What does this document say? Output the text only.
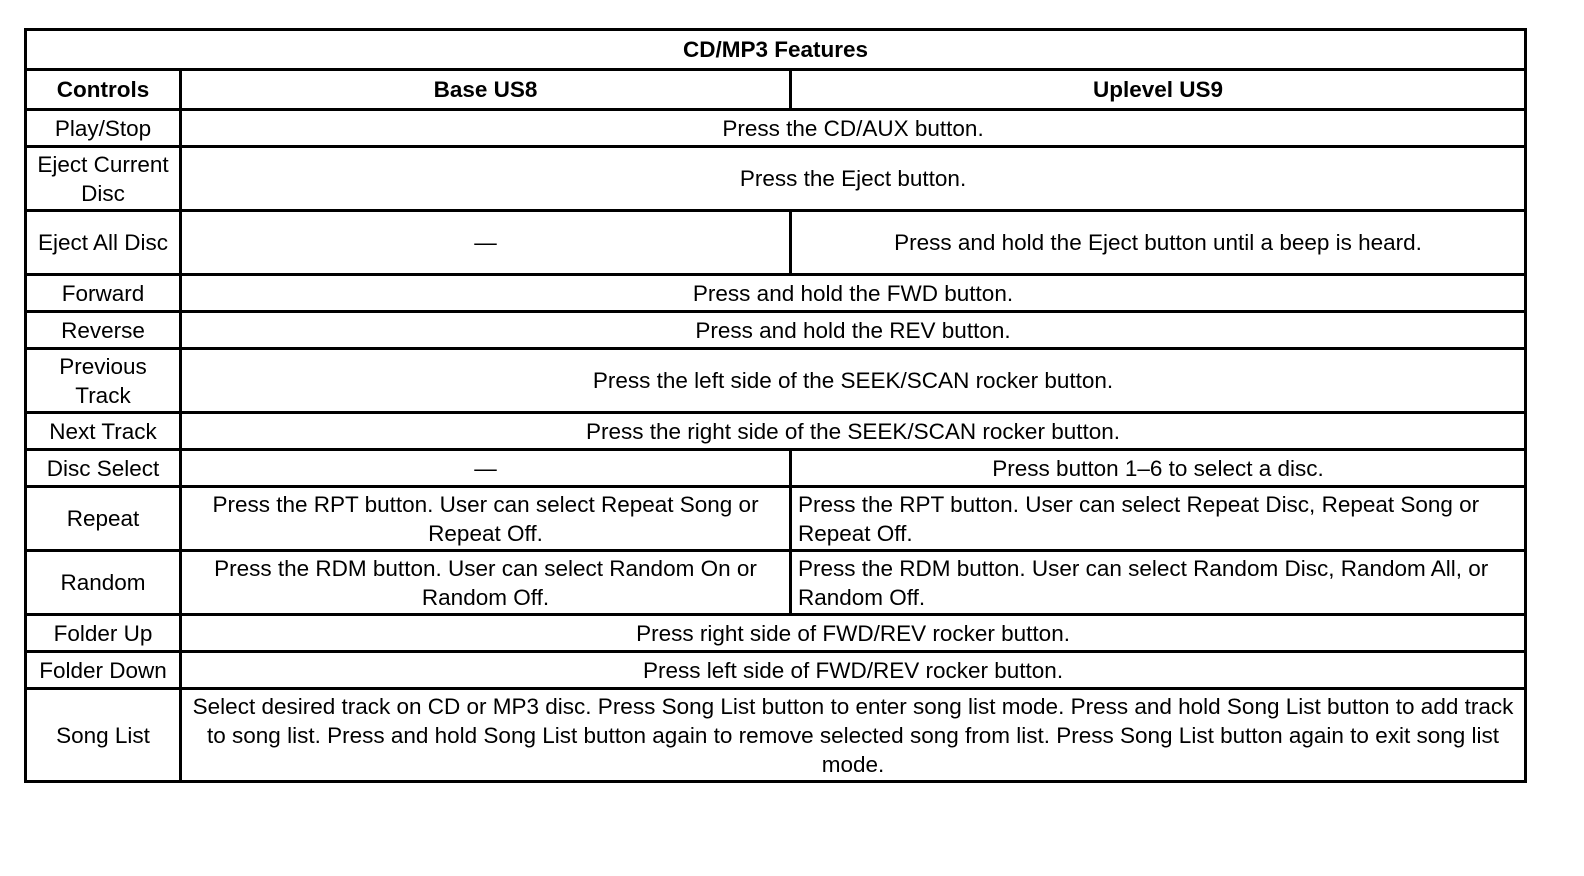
CD/MP3 Features		
Controls	Base US8	Uplevel US9
Play/Stop	Press the CD/AUX button.	
Eject Current Disc	Press the Eject button.	
Eject All Disc	—	Press and hold the Eject button until a beep is heard.
Forward	Press and hold the FWD button.	
Reverse	Press and hold the REV button.	
Previous Track	Press the left side of the SEEK/SCAN rocker button.	
Next Track	Press the right side of the SEEK/SCAN rocker button.	
Disc Select	—	Press button 1–6 to select a disc.
Repeat	Press the RPT button. User can select Repeat Song or Repeat Off.	Press the RPT button. User can select Repeat Disc, Repeat Song or Repeat Off.
Random	Press the RDM button. User can select Random On or Random Off.	Press the RDM button. User can select Random Disc, Random All, or Random Off.
Folder Up	Press right side of FWD/REV rocker button.	
Folder Down	Press left side of FWD/REV rocker button.	
Song List	Select desired track on CD or MP3 disc. Press Song List button to enter song list mode. Press and hold Song List button to add track to song list. Press and hold Song List button again to remove selected song from list. Press Song List button again to exit song list mode.	
